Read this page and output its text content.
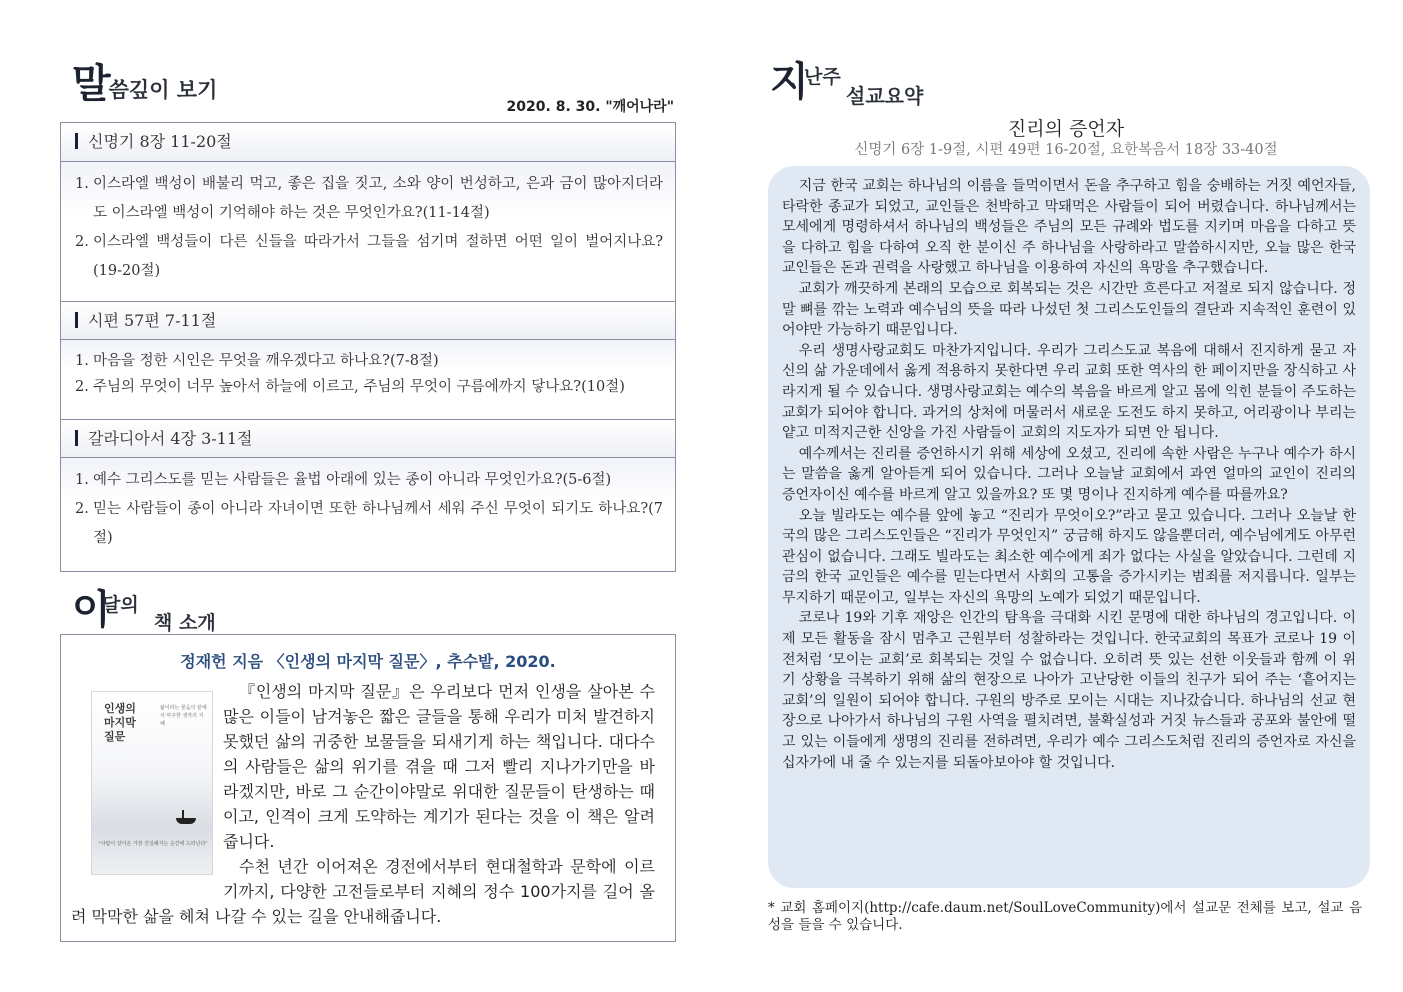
말씀깊이 보기
2020. 8. 30. "깨어나라"
신명기 8장 11-20절
1. 이스라엘 백성이 배불리 먹고, 좋은 집을 짓고, 소와 양이 번성하고, 은과 금이 많아지더라도 이스라엘 백성이 기억해야 하는 것은 무엇인가요?(11-14절)
2. 이스라엘 백성들이 다른 신들을 따라가서 그들을 섬기며 절하면 어떤 일이 벌어지나요?(19-20절)
시편 57편 7-11절
1. 마음을 정한 시인은 무엇을 깨우겠다고 하나요?(7-8절)
2. 주님의 무엇이 너무 높아서 하늘에 이르고, 주님의 무엇이 구름에까지 닿나요?(10절)
갈라디아서 4장 3-11절
1. 예수 그리스도를 믿는 사람들은 율법 아래에 있는 종이 아니라 무엇인가요?(5-6절)
2. 믿는 사람들이 종이 아니라 자녀이면 또한 하나님께서 세워 주신 무엇이 되기도 하나요?(7절)
이
달의
책 소개
정재헌 지음 〈인생의 마지막 질문〉, 추수밭, 2020.
인생의
마지막
질문
삶이라는 물음의 끝에서 마주한 생각의 지혜
"사람이 살아온 가장 진실해지는 순간에 드러난다"

『인생의 마지막 질문』은 우리보다 먼저 인생을 살아본 수많은 이들이 남겨놓은 짧은 글들을 통해 우리가 미처 발견하지 못했던 삶의 귀중한 보물들을 되새기게 하는 책입니다. 대다수의 사람들은 삶의 위기를 겪을 때 그저 빨리 지나가기만을 바라겠지만, 바로 그 순간이야말로 위대한 질문들이 탄생하는 때이고, 인격이 크게 도약하는 계기가 된다는 것을 이 책은 알려 줍니다.

수천 년간 이어져온 경전에서부터 현대철학과 문학에 이르기까지, 다양한 고전들로부터 지혜의 정수 100가지를 길어 올려 막막한 삶을 헤쳐 나갈 수 있는 길을 안내해줍니다.

지
난주
설교요약
진리의 증언자
신명기 6장 1-9절, 시편 49편 16-20절, 요한복음서 18장 33-40절

지금 한국 교회는 하나님의 이름을 들먹이면서 돈을 추구하고 힘을 숭배하는 거짓 예언자들, 타락한 종교가 되었고, 교인들은 천박하고 막돼먹은 사람들이 되어 버렸습니다. 하나님께서는 모세에게 명령하셔서 하나님의 백성들은 주님의 모든 규례와 법도를 지키며 마음을 다하고 뜻을 다하고 힘을 다하여 오직 한 분이신 주 하나님을 사랑하라고 말씀하시지만, 오늘 많은 한국교인들은 돈과 권력을 사랑했고 하나님을 이용하여 자신의 욕망을 추구했습니다.

교회가 깨끗하게 본래의 모습으로 회복되는 것은 시간만 흐른다고 저절로 되지 않습니다. 정말 뼈를 깎는 노력과 예수님의 뜻을 따라 나섰던 첫 그리스도인들의 결단과 지속적인 훈련이 있어야만 가능하기 때문입니다.

우리 생명사랑교회도 마찬가지입니다. 우리가 그리스도교 복음에 대해서 진지하게 묻고 자신의 삶 가운데에서 옳게 적용하지 못한다면 우리 교회 또한 역사의 한 페이지만을 장식하고 사라지게 될 수 있습니다. 생명사랑교회는 예수의 복음을 바르게 알고 몸에 익힌 분들이 주도하는 교회가 되어야 합니다. 과거의 상처에 머물러서 새로운 도전도 하지 못하고, 어리광이나 부리는 얕고 미적지근한 신앙을 가진 사람들이 교회의 지도자가 되면 안 됩니다.

예수께서는 진리를 증언하시기 위해 세상에 오셨고, 진리에 속한 사람은 누구나 예수가 하시는 말씀을 옳게 알아듣게 되어 있습니다. 그러나 오늘날 교회에서 과연 얼마의 교인이 진리의 증언자이신 예수를 바르게 알고 있을까요? 또 몇 명이나 진지하게 예수를 따를까요?

오늘 빌라도는 예수를 앞에 놓고 “진리가 무엇이오?”라고 묻고 있습니다. 그러나 오늘날 한국의 많은 그리스도인들은 “진리가 무엇인지” 궁금해 하지도 않을뿐더러, 예수님에게도 아무런 관심이 없습니다. 그래도 빌라도는 최소한 예수에게 죄가 없다는 사실을 알았습니다. 그런데 지금의 한국 교인들은 예수를 믿는다면서 사회의 고통을 증가시키는 범죄를 저지릅니다. 일부는 무지하기 때문이고, 일부는 자신의 욕망의 노예가 되었기 때문입니다.

코로나 19와 기후 재앙은 인간의 탐욕을 극대화 시킨 문명에 대한 하나님의 경고입니다. 이제 모든 활동을 잠시 멈추고 근원부터 성찰하라는 것입니다. 한국교회의 목표가 코로나 19 이전처럼 ‘모이는 교회’로 회복되는 것일 수 없습니다. 오히려 뜻 있는 선한 이웃들과 함께 이 위기 상황을 극복하기 위해 삶의 현장으로 나아가 고난당한 이들의 친구가 되어 주는 ‘흩어지는 교회’의 일원이 되어야 합니다. 구원의 방주로 모이는 시대는 지나갔습니다. 하나님의 선교 현장으로 나아가서 하나님의 구원 사역을 펼치려면, 불확실성과 거짓 뉴스들과 공포와 불안에 떨고 있는 이들에게 생명의 진리를 전하려면, 우리가 예수 그리스도처럼 진리의 증언자로 자신을 십자가에 내 줄 수 있는지를 되돌아보아야 할 것입니다.

* 교회 홈페이지(http://cafe.daum.net/SoulLoveCommunity)에서 설교문 전체를 보고, 설교 음성을 들을 수 있습니다.
